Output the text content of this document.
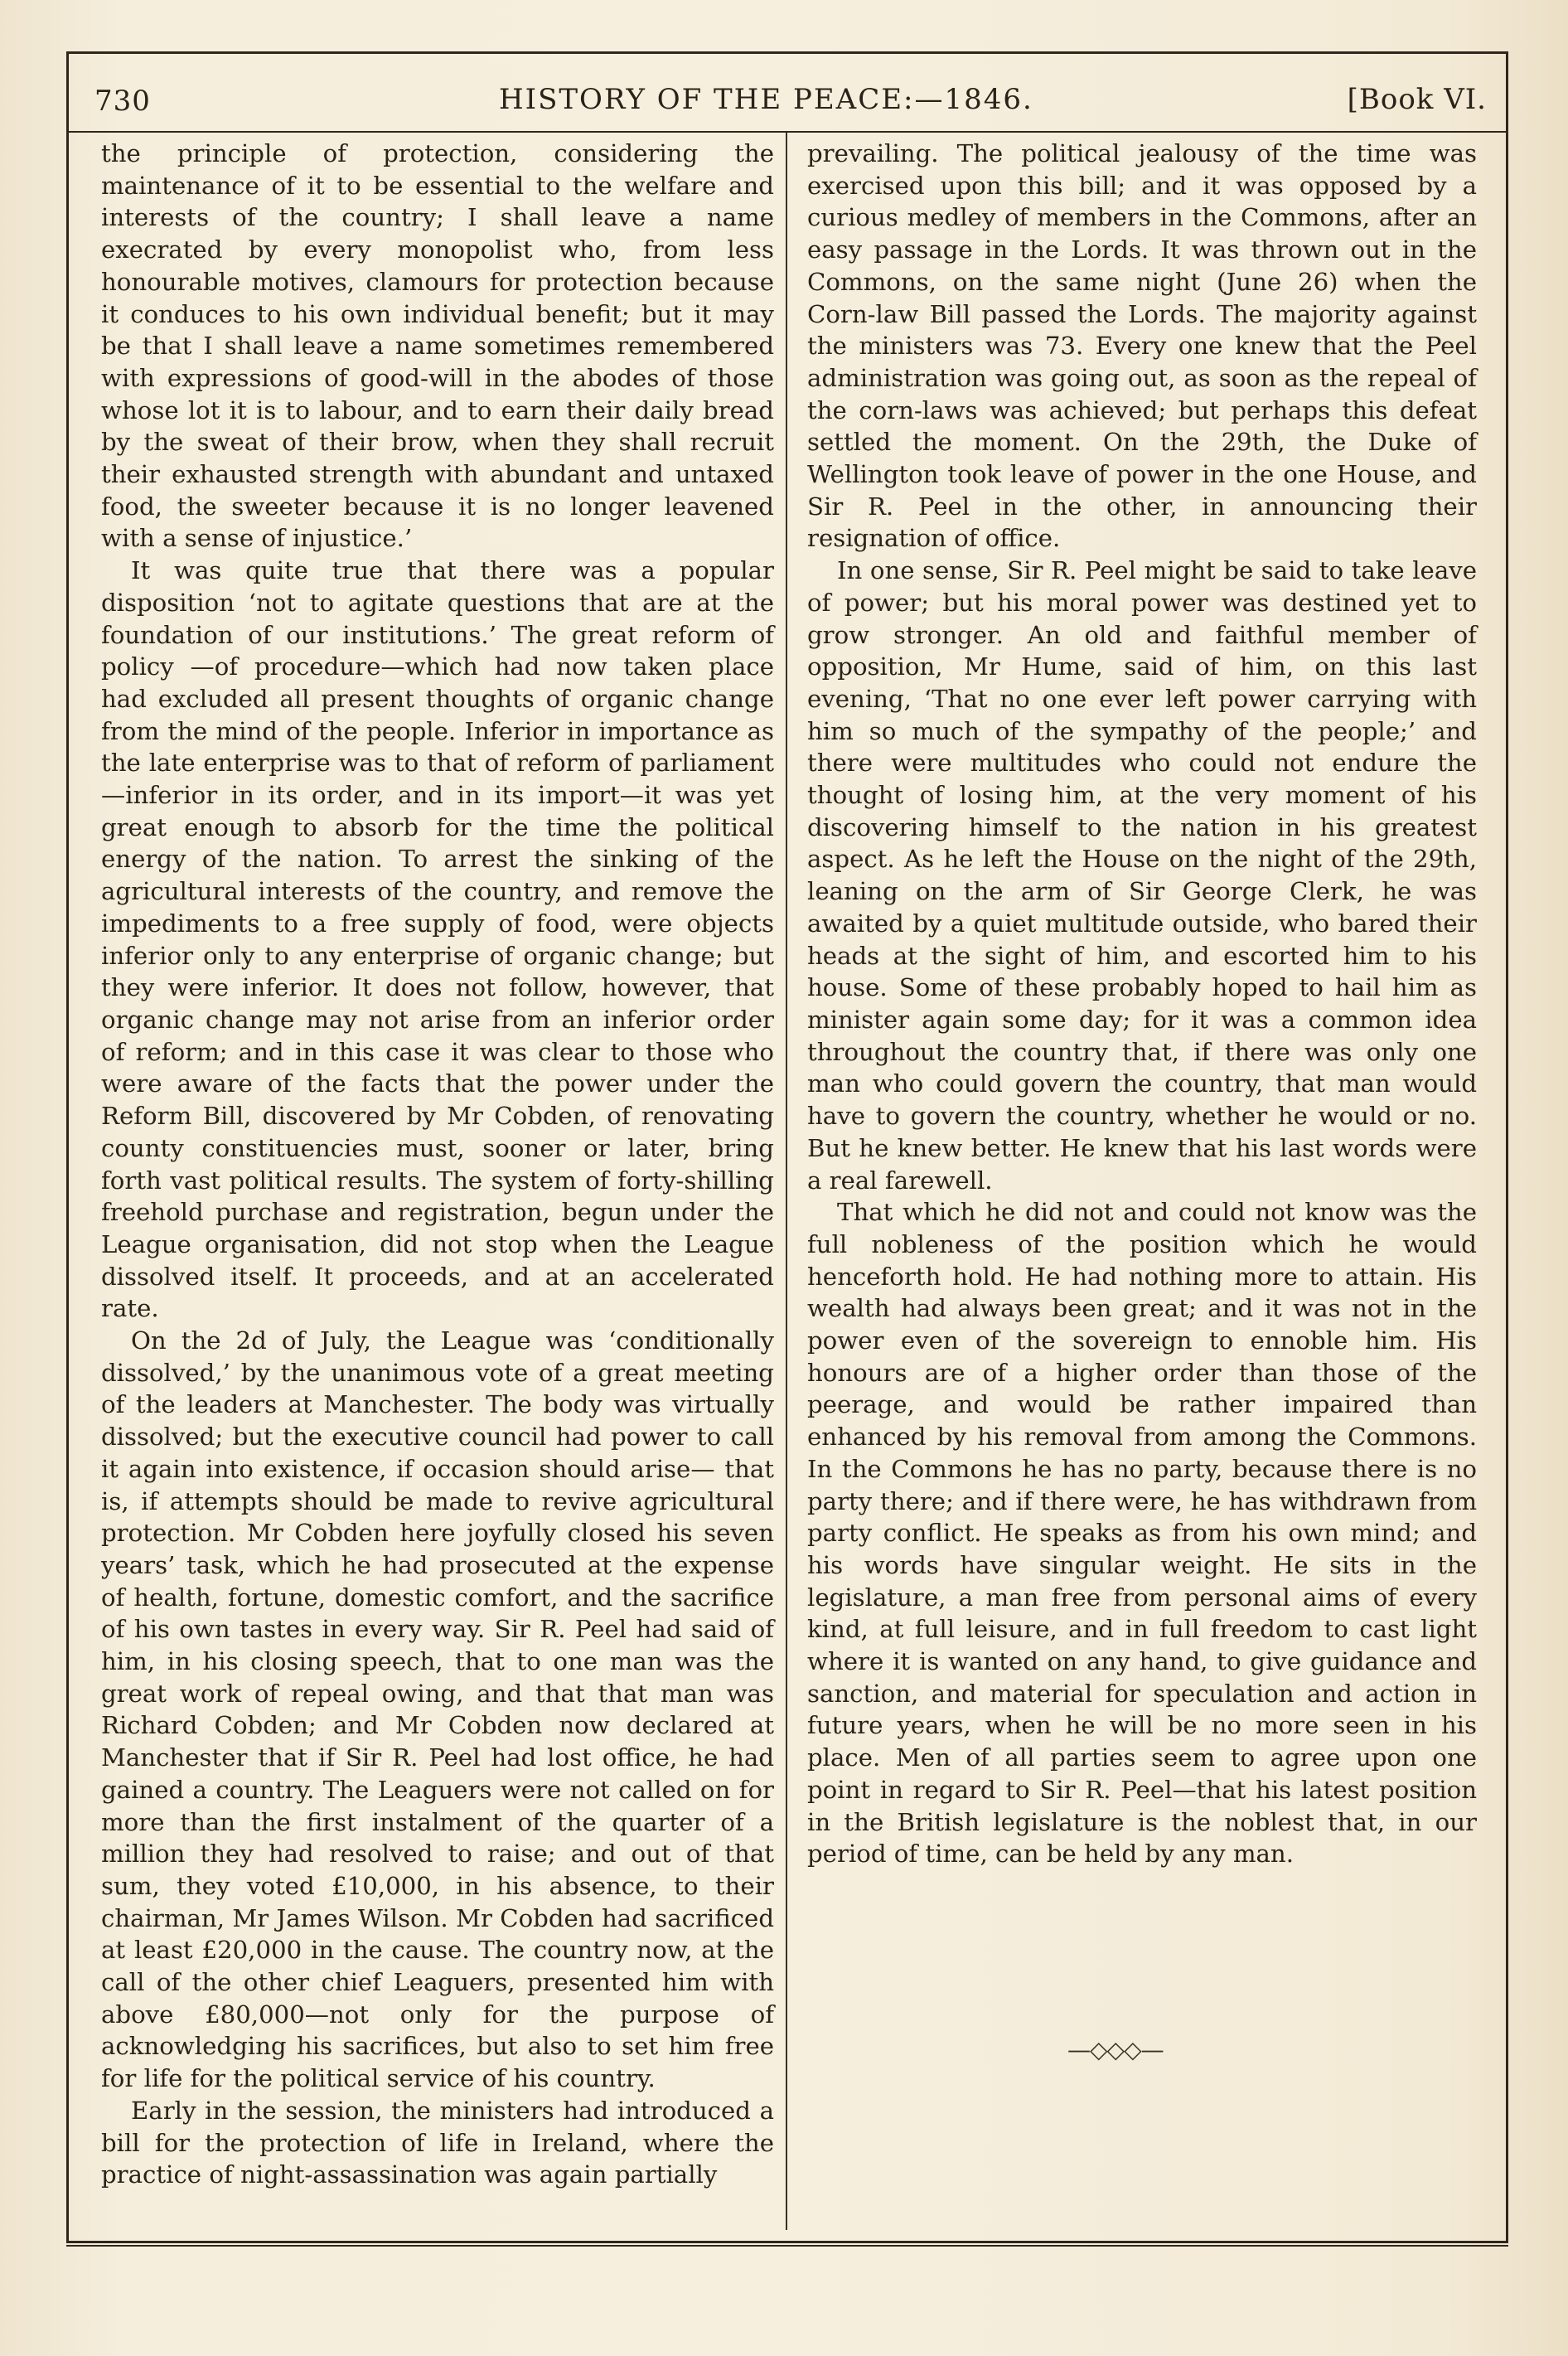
730	HISTORY OF THE PEACE:—1846.	[Book VI.

the principle of protection, considering the maintenance of it to be essential to the welfare and interests of the country; I shall leave a name execrated by every monopolist who, from less honourable motives, clamours for protection because it conduces to his own individual benefit; but it may be that I shall leave a name sometimes remembered with expressions of good-will in the abodes of those whose lot it is to labour, and to earn their daily bread by the sweat of their brow, when they shall recruit their exhausted strength with abundant and untaxed food, the sweeter because it is no longer leavened with a sense of injustice.’

It was quite true that there was a popular disposition ‘not to agitate questions that are at the foundation of our institutions.’ The great reform of policy —of procedure—which had now taken place had excluded all present thoughts of organic change from the mind of the people. Inferior in importance as the late enterprise was to that of reform of parliament —inferior in its order, and in its import—it was yet great enough to absorb for the time the political energy of the nation. To arrest the sinking of the agricultural interests of the country, and remove the impediments to a free supply of food, were objects inferior only to any enterprise of organic change; but they were inferior. It does not follow, however, that organic change may not arise from an inferior order of reform; and in this case it was clear to those who were aware of the facts that the power under the Reform Bill, discovered by Mr Cobden, of renovating county constituencies must, sooner or later, bring forth vast political results. The system of forty-shilling freehold purchase and registration, begun under the League organisation, did not stop when the League dissolved itself. It proceeds, and at an accelerated rate.

On the 2d of July, the League was ‘conditionally dissolved,’ by the unanimous vote of a great meeting of the leaders at Manchester. The body was virtually dissolved; but the executive council had power to call it again into existence, if occasion should arise— that is, if attempts should be made to revive agricultural protection. Mr Cobden here joyfully closed his seven years’ task, which he had prosecuted at the expense of health, fortune, domestic comfort, and the sacrifice of his own tastes in every way. Sir R. Peel had said of him, in his closing speech, that to one man was the great work of repeal owing, and that that man was Richard Cobden; and Mr Cobden now declared at Manchester that if Sir R. Peel had lost office, he had gained a country. The Leaguers were not called on for more than the first instalment of the quarter of a million they had resolved to raise; and out of that sum, they voted £10,000, in his absence, to their chairman, Mr James Wilson. Mr Cobden had sacrificed at least £20,000 in the cause. The country now, at the call of the other chief Leaguers, presented him with above £80,000—not only for the purpose of acknowledging his sacrifices, but also to set him free for life for the political service of his country.

Early in the session, the ministers had introduced a bill for the protection of life in Ireland, where the practice of night-assassination was again partially

prevailing. The political jealousy of the time was exercised upon this bill; and it was opposed by a curious medley of members in the Commons, after an easy passage in the Lords. It was thrown out in the Commons, on the same night (June 26) when the Corn-law Bill passed the Lords. The majority against the ministers was 73. Every one knew that the Peel administration was going out, as soon as the repeal of the corn-laws was achieved; but perhaps this defeat settled the moment. On the 29th, the Duke of Wellington took leave of power in the one House, and Sir R. Peel in the other, in announcing their resignation of office.

In one sense, Sir R. Peel might be said to take leave of power; but his moral power was destined yet to grow stronger. An old and faithful member of opposition, Mr Hume, said of him, on this last evening, ‘That no one ever left power carrying with him so much of the sympathy of the people;’ and there were multitudes who could not endure the thought of losing him, at the very moment of his discovering himself to the nation in his greatest aspect. As he left the House on the night of the 29th, leaning on the arm of Sir George Clerk, he was awaited by a quiet multitude outside, who bared their heads at the sight of him, and escorted him to his house. Some of these probably hoped to hail him as minister again some day; for it was a common idea throughout the country that, if there was only one man who could govern the country, that man would have to govern the country, whether he would or no. But he knew better. He knew that his last words were a real farewell.

That which he did not and could not know was the full nobleness of the position which he would henceforth hold. He had nothing more to attain. His wealth had always been great; and it was not in the power even of the sovereign to ennoble him. His honours are of a higher order than those of the peerage, and would be rather impaired than enhanced by his removal from among the Commons. In the Commons he has no party, because there is no party there; and if there were, he has withdrawn from party conflict. He speaks as from his own mind; and his words have singular weight. He sits in the legislature, a man free from personal aims of every kind, at full leisure, and in full freedom to cast light where it is wanted on any hand, to give guidance and sanction, and material for speculation and action in future years, when he will be no more seen in his place. Men of all parties seem to agree upon one point in regard to Sir R. Peel—that his latest position in the British legislature is the noblest that, in our period of time, can be held by any man.

—◇◇◇—
